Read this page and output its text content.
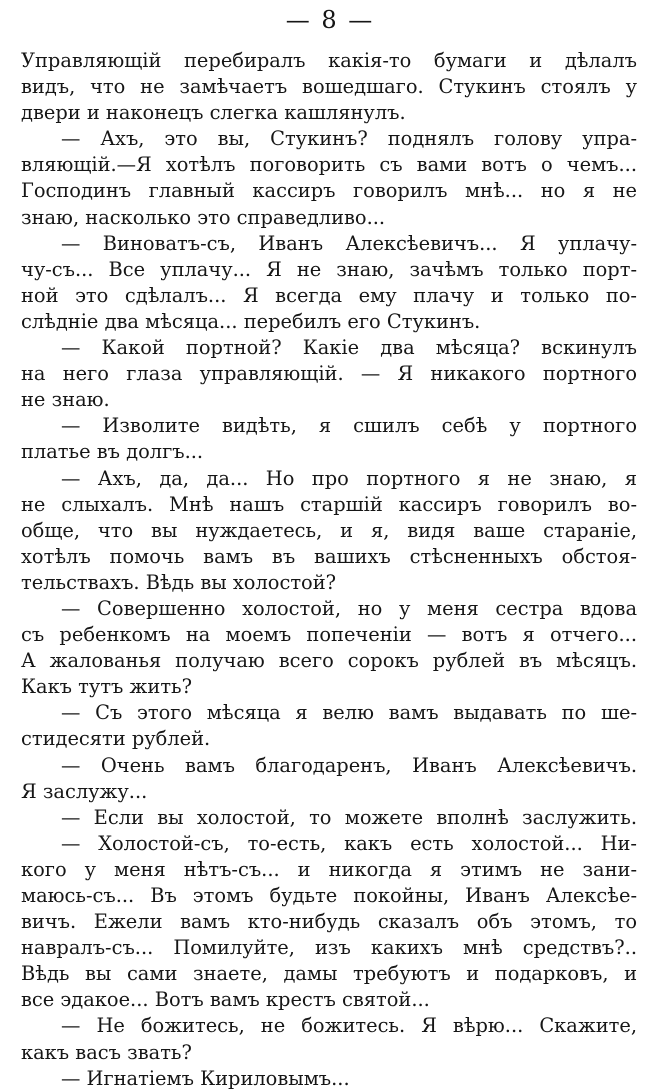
— 8 —
Управляющій перебиралъ какія-то бумаги и дѣлалъ
видъ, что не замѣчаетъ вошедшаго. Стукинъ стоялъ у
двери и наконецъ слегка кашлянулъ.
— Ахъ, это вы, Стукинъ? поднялъ голову упра-
вляющій.—Я хотѣлъ поговорить съ вами вотъ о чемъ...
Господинъ главный кассиръ говорилъ мнѣ... но я не
знаю, насколько это справедливо...
— Виноватъ-съ, Иванъ Алексѣевичъ... Я уплачу-
чу-съ... Все уплачу... Я не знаю, зачѣмъ только порт-
ной это сдѣлалъ... Я всегда ему плачу и только по-
слѣдніе два мѣсяца... перебилъ его Стукинъ.
— Какой портной? Какіе два мѣсяца? вскинулъ
на него глаза управляющій. — Я никакого портного
не знаю.
— Изволите видѣть, я сшилъ себѣ у портного
платье въ долгъ...
— Ахъ, да, да... Но про портного я не знаю, я
не слыхалъ. Мнѣ нашъ старшій кассиръ говорилъ во-
обще, что вы нуждаетесь, и я, видя ваше стараніе,
хотѣлъ помочь вамъ въ вашихъ стѣсненныхъ обстоя-
тельствахъ. Вѣдь вы холостой?
— Совершенно холостой, но у меня сестра вдова
съ ребенкомъ на моемъ попеченіи — вотъ я отчего...
А жалованья получаю всего сорокъ рублей въ мѣсяцъ.
Какъ тутъ жить?
— Съ этого мѣсяца я велю вамъ выдавать по ше-
стидесяти рублей.
— Очень вамъ благодаренъ, Иванъ Алексѣевичъ.
Я заслужу...
— Если вы холостой, то можете вполнѣ заслужить.
— Холостой-съ, то-есть, какъ есть холостой... Ни-
кого у меня нѣтъ-съ... и никогда я этимъ не зани-
маюсь-съ... Въ этомъ будьте покойны, Иванъ Алексѣе-
вичъ. Ежели вамъ кто-нибудь сказалъ объ этомъ, то
навралъ-съ... Помилуйте, изъ какихъ мнѣ средствъ?..
Вѣдь вы сами знаете, дамы требуютъ и подарковъ, и
все эдакое... Вотъ вамъ крестъ святой...
— Не божитесь, не божитесь. Я вѣрю... Скажите,
какъ васъ звать?
— Игнатіемъ Кириловымъ...
